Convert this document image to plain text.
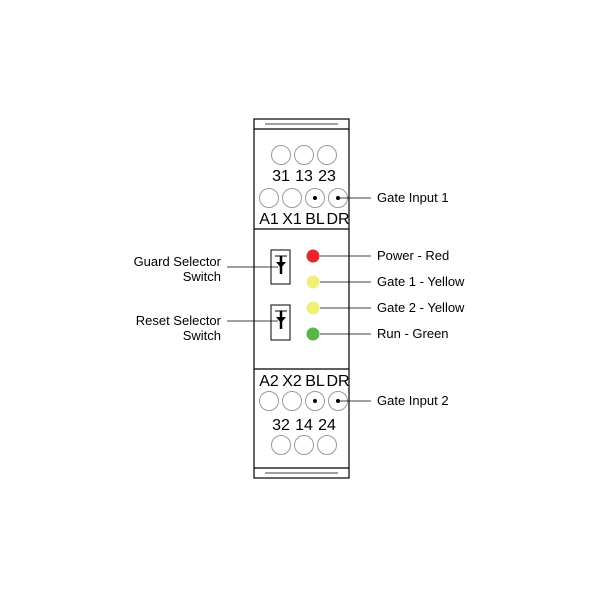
31 13 23
A1 X1 BL DR
A2 X2 BL DR
32 14 24
Gate Input 1
Power - Red
Gate 1 - Yellow
Gate 2 - Yellow
Run - Green
Gate Input 2
Guard Selector
Switch
Reset Selector
Switch
